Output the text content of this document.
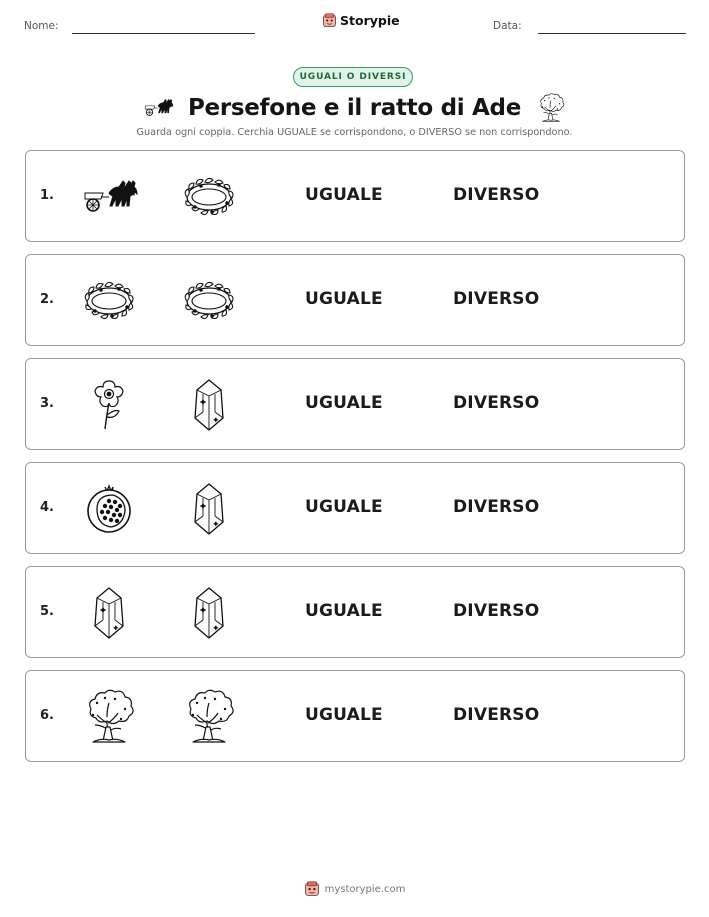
Nome:	Storypie	Data:
UGUALI O DIVERSI
Persefone e il ratto di Ade
Guarda ogni coppia. Cerchia UGUALE se corrispondono, o DIVERSO se non corrispondono.
1.	UGUALE	DIVERSO
2.	UGUALE	DIVERSO
3.	UGUALE	DIVERSO
4.	UGUALE	DIVERSO
5.	UGUALE	DIVERSO
6.	UGUALE	DIVERSO
mystorypie.com
